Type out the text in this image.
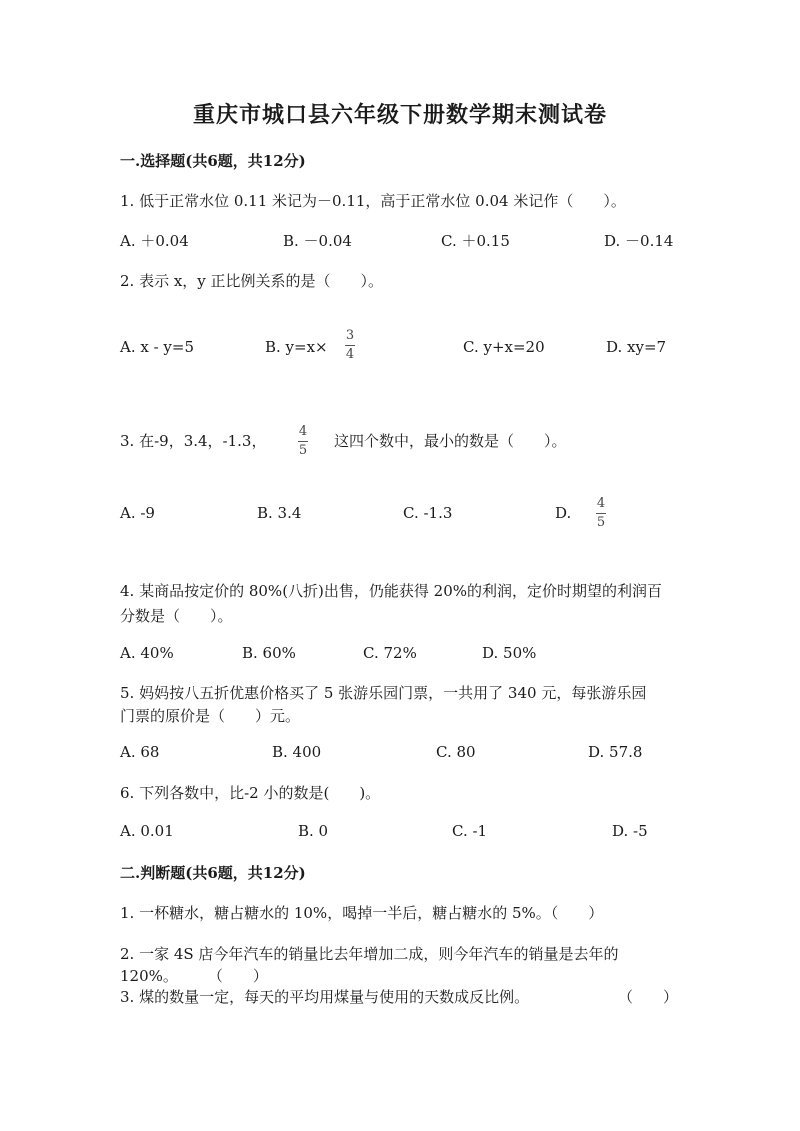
重庆市城口县六年级下册数学期末测试卷
一.选择题(共6题，共12分)
1. 低于正常水位 0.11 米记为－0.11，高于正常水位 0.04 米记作（　　）。
A. ＋0.04	B. －0.04	C. ＋0.15	D. －0.14
2. 表示 x，y 正比例关系的是（　　）。
A. x - y=5	B. y=x×
3
4	C. y+x=20	D. xy=7
3. 在-9，3.4，-1.3，
4
5
这四个数中，最小的数是（　　）。
A. -9	B. 3.4	C. -1.3	D.
4
5
4. 某商品按定价的 80%(八折)出售，仍能获得 20%的利润，定价时期望的利润百
分数是（　　）。
A. 40%	B. 60%	C. 72%	D. 50%
5. 妈妈按八五折优惠价格买了 5 张游乐园门票，一共用了 340 元，每张游乐园
门票的原价是（　　）元。
A. 68	B. 400	C. 80	D. 57.8
6. 下列各数中，比-2 小的数是(　　)。
A. 0.01	B. 0	C. -1	D. -5
二.判断题(共6题，共12分)
1. 一杯糖水，糖占糖水的 10%，喝掉一半后，糖占糖水的 5%。（　　）
2. 一家 4S 店今年汽车的销量比去年增加二成，则今年汽车的销量是去年的
120%。　　　（　　）
3. 煤的数量一定，每天的平均用煤量与使用的天数成反比例。	（　　）
